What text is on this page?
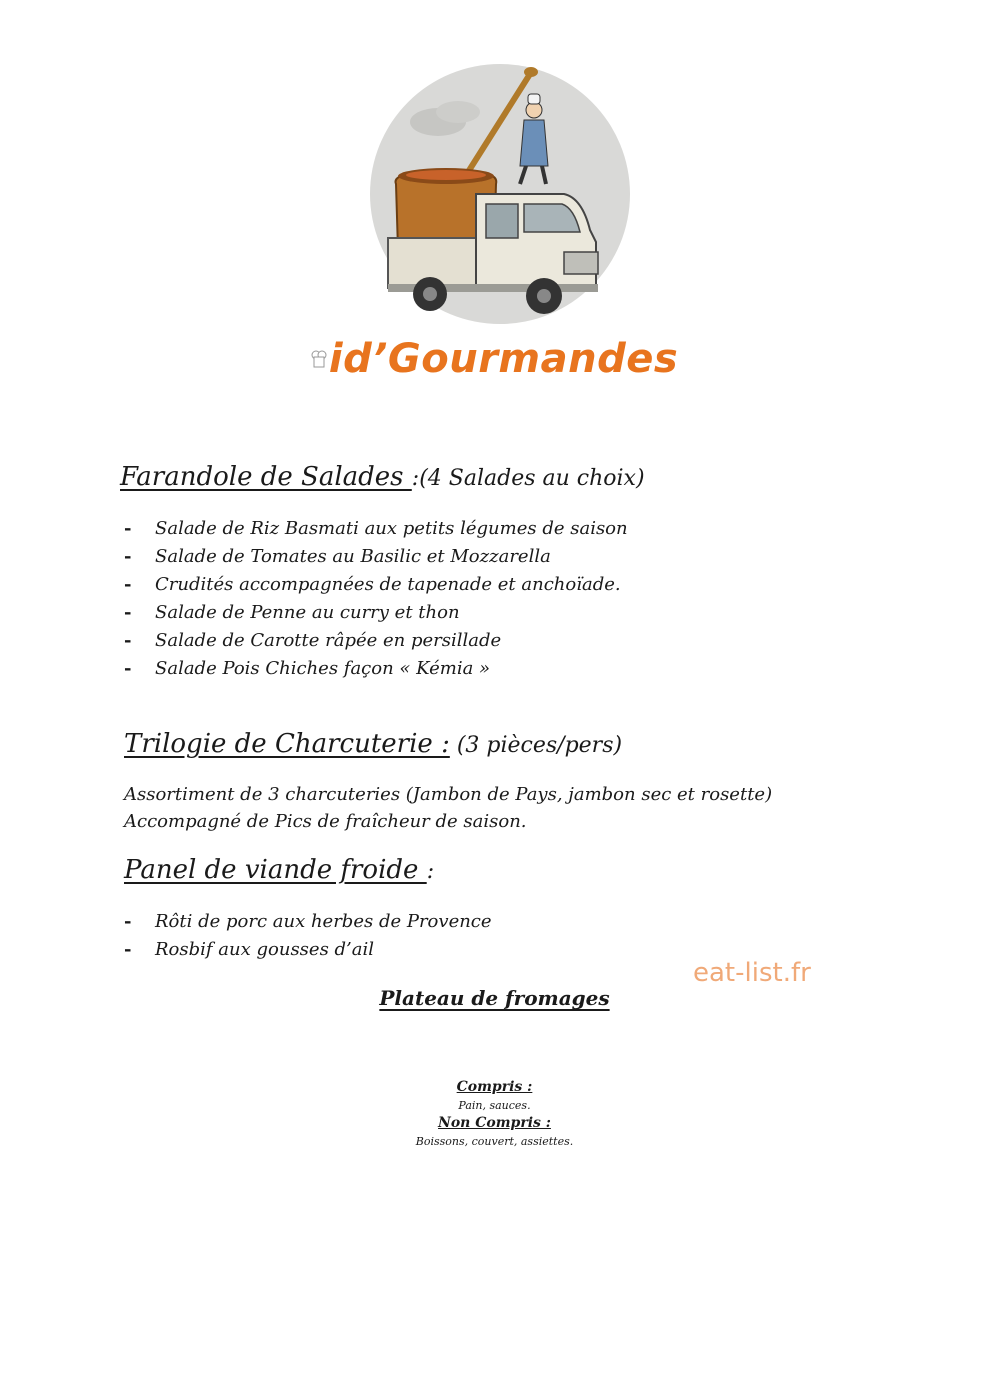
id’Gourmandes
Farandole de Salades :(4 Salades au choix)
- Salade de Riz Basmati aux petits légumes de saison
- Salade de Tomates au Basilic et Mozzarella
- Crudités accompagnées de tapenade et anchoïade.
- Salade de Penne au curry et thon
- Salade de Carotte râpée en persillade
- Salade Pois Chiches façon « Kémia »
Trilogie de Charcuterie : (3 pièces/pers)
Assortiment de 3 charcuteries (Jambon de Pays, jambon sec et rosette)
Accompagné de Pics de fraîcheur de saison.
Panel de viande froide :
- Rôti de porc aux herbes de Provence
- Rosbif aux gousses d’ail
eat-list.fr
Plateau de fromages
Compris :
Pain, sauces.
Non Compris :
Boissons, couvert, assiettes.
